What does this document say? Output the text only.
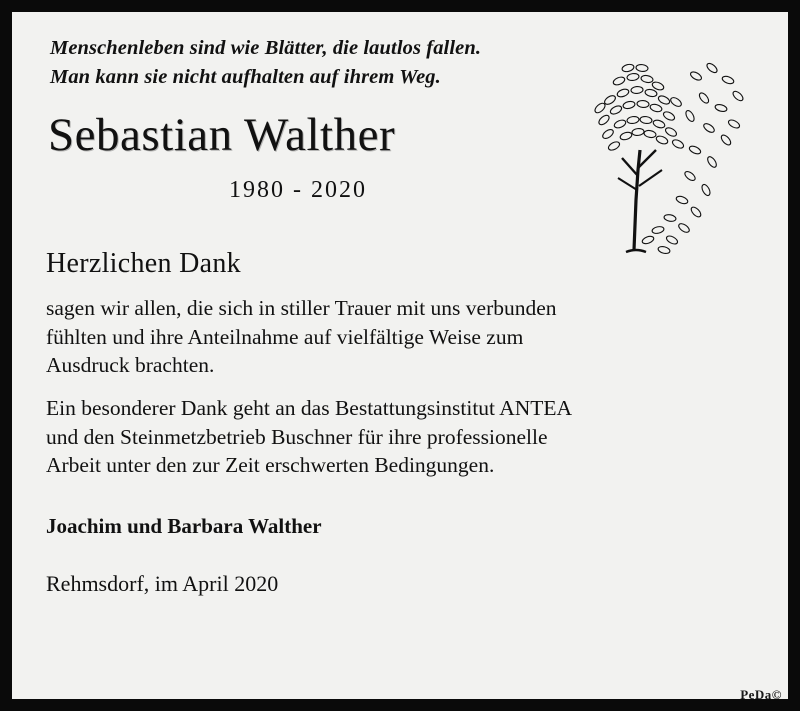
Menschenleben sind wie Blätter, die lautlos fallen.
Man kann sie nicht aufhalten auf ihrem Weg.
Sebastian Walther
1980 - 2020
Herzlichen Dank
sagen wir allen, die sich in stiller Trauer mit uns verbunden
fühlten und ihre Anteilnahme auf vielfältige Weise zum
Ausdruck brachten.
Ein besonderer Dank geht an das Bestattungsinstitut ANTEA
und den Steinmetzbetrieb Buschner für ihre professionelle
Arbeit unter den zur Zeit erschwerten Bedingungen.
Joachim und Barbara Walther
Rehmsdorf, im April 2020
PeDa©
